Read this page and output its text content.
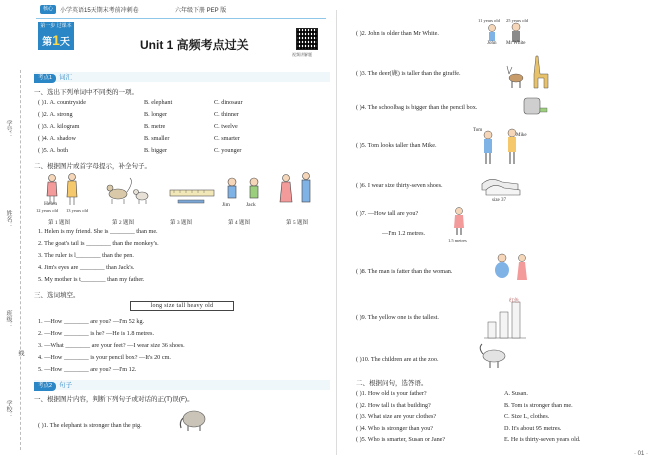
核心	小学英语15天期末考前冲刺卷	六年级下册 PEP 版
第一步 过课本
第1天	Unit 1 高频考点过关
视频讲解题
学号：
姓名：
班级：
线
学校：
考点1 词汇
一、选出下列单词中不同类的一项。
( )1. A. countryside	B. elephant	C. dinosaur
( )2. A. strong	B. longer	C. thinner
( )3. A. kilogram	B. metre	C. twelve
( )4. A. shadow	B. smaller	C. smarter
( )5. A. both	B. bigger	C. younger
二、根据图片或首字母提示，补全句子。
Helen
12 years old 13 years old
Jim	Jack
第 1 题图	第 2 题图	第 3 题图	第 4 题图	第 5 题图
1. Helen is my friend. She is ________ than me.
2. The goat's tail is ________ than the monkey's.
3. The ruler is l________ than the pen.
4. Jim's eyes are ________ than Jack's.
5. My mother is t________ than my father.
三、选词填空。
long size tall heavy old
1. —How ________ are you? —I'm 52 kg.
2. —How ________ is he? —He is 1.8 metres.
3. —What ________ are your feet? —I wear size 36 shoes.
4. —How ________ is your pencil box? —It's 20 cm.
5. —How ________ are you? —I'm 12.
考点2 句子
一、根据图片内容，判断下列句子或对话的正(T)误(F)。
( )1. The elephant is stronger than the pig.
( )2. John is older than Mr White.
11 years old 25 years old
John Mr White
( )3. The deer(鹿) is taller than the giraffe.
( )4. The schoolbag is bigger than the pencil box.
( )5. Tom looks taller than Mike.
Tom
Mike
( )6. I wear size thirty-seven shoes.
size 37
( )7. —How tall are you?
—I'm 1.2 metres.
1.5 metres
( )8. The man is fatter than the woman.
( )9. The yellow one is the tallest.
红色
( )10. The children are at the zoo.
二、根据问句，选答语。
( )1. How old is your father?	A. Susan.
( )2. How tall is that building?	B. Tom is stronger than me.
( )3. What size are your clothes?	C. Size L, clothes.
( )4. Who is stronger than you?	D. It's about 95 metres.
( )5. Who is smarter, Susan or Jane?	E. He is thirty-seven years old.
· 01 ·
